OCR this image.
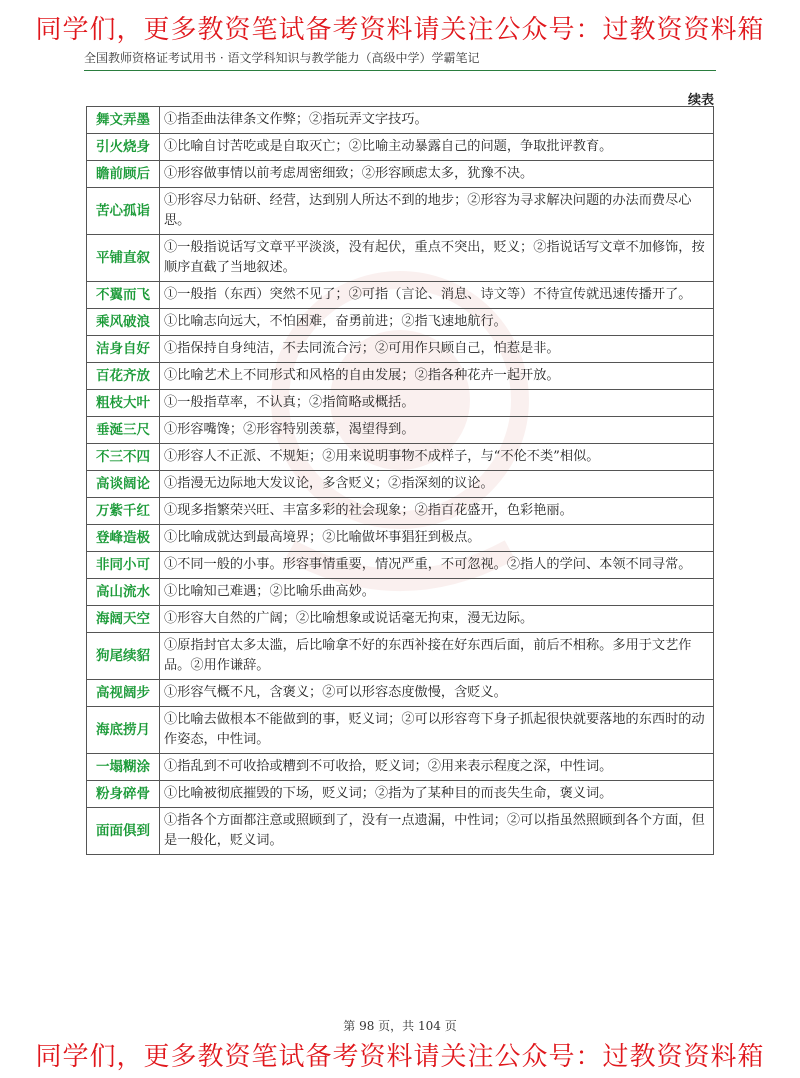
同学们，更多教资笔试备考资料请关注公众号：过教资资料箱
全国教师资格证考试用书 · 语文学科知识与教学能力（高级中学）学霸笔记
续表
舞文弄墨	①指歪曲法律条文作弊；②指玩弄文字技巧。
引火烧身	①比喻自讨苦吃或是自取灭亡；②比喻主动暴露自己的问题，争取批评教育。
瞻前顾后	①形容做事情以前考虑周密细致；②形容顾虑太多，犹豫不决。
苦心孤诣	①形容尽力钻研、经营，达到别人所达不到的地步；②形容为寻求解决问题的办法而费尽心思。
平铺直叙	①一般指说话写文章平平淡淡，没有起伏，重点不突出，贬义；②指说话写文章不加修饰，按顺序直截了当地叙述。
不翼而飞	①一般指（东西）突然不见了；②可指（言论、消息、诗文等）不待宣传就迅速传播开了。
乘风破浪	①比喻志向远大，不怕困难，奋勇前进；②指飞速地航行。
洁身自好	①指保持自身纯洁，不去同流合污；②可用作只顾自己，怕惹是非。
百花齐放	①比喻艺术上不同形式和风格的自由发展；②指各种花卉一起开放。
粗枝大叶	①一般指草率，不认真；②指简略或概括。
垂涎三尺	①形容嘴馋；②形容特别羡慕，渴望得到。
不三不四	①形容人不正派、不规矩；②用来说明事物不成样子，与“不伦不类”相似。
高谈阔论	①指漫无边际地大发议论，多含贬义；②指深刻的议论。
万紫千红	①现多指繁荣兴旺、丰富多彩的社会现象；②指百花盛开，色彩艳丽。
登峰造极	①比喻成就达到最高境界；②比喻做坏事猖狂到极点。
非同小可	①不同一般的小事。形容事情重要，情况严重，不可忽视。②指人的学问、本领不同寻常。
高山流水	①比喻知己难遇；②比喻乐曲高妙。
海阔天空	①形容大自然的广阔；②比喻想象或说话毫无拘束，漫无边际。
狗尾续貂	①原指封官太多太滥，后比喻拿不好的东西补接在好东西后面，前后不相称。多用于文艺作品。②用作谦辞。
高视阔步	①形容气概不凡，含褒义；②可以形容态度傲慢，含贬义。
海底捞月	①比喻去做根本不能做到的事，贬义词；②可以形容弯下身子抓起很快就要落地的东西时的动作姿态，中性词。
一塌糊涂	①指乱到不可收拾或糟到不可收拾，贬义词；②用来表示程度之深，中性词。
粉身碎骨	①比喻被彻底摧毁的下场，贬义词；②指为了某种目的而丧失生命，褒义词。
面面俱到	①指各个方面都注意或照顾到了，没有一点遗漏，中性词；②可以指虽然照顾到各个方面，但是一般化，贬义词。
第 98 页，共 104 页
同学们，更多教资笔试备考资料请关注公众号：过教资资料箱
